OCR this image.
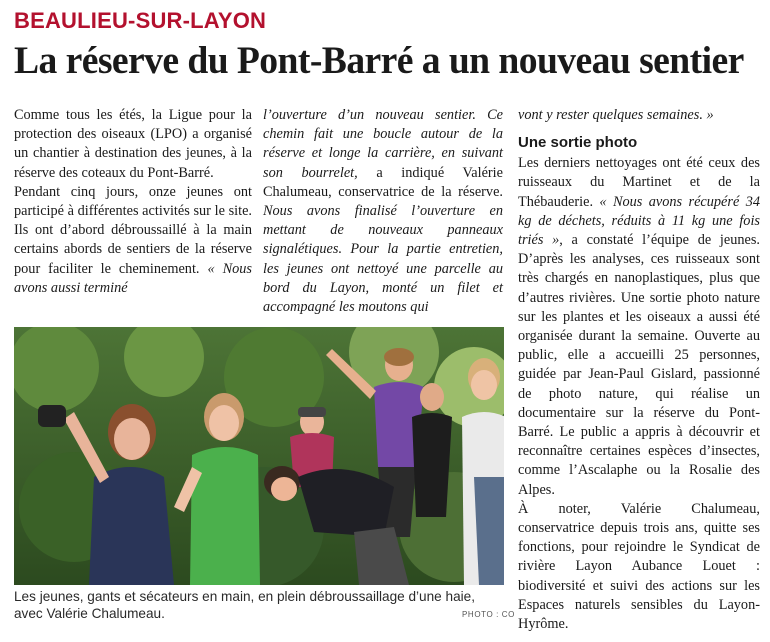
BEAULIEU-SUR-LAYON
La réserve du Pont-Barré a un nouveau sentier

Comme tous les étés, la Ligue pour la protection des oiseaux (LPO) a organisé un chantier à destination des jeunes, à la réserve des coteaux du Pont-Barré.

Pendant cinq jours, onze jeunes ont participé à différentes activités sur le site. Ils ont d’abord débroussaillé à la main certains abords de sentiers de la réserve pour faciliter le cheminement. « Nous avons aussi terminé

l’ouverture d’un nouveau sentier. Ce chemin fait une boucle autour de la réserve et longe la carrière, en suivant son bourrelet, a indiqué Valérie Chalumeau, conservatrice de la réserve. Nous avons finalisé l’ouverture en mettant de nouveaux panneaux signalétiques. Pour la partie entretien, les jeunes ont nettoyé une parcelle au bord du Layon, monté un filet et accompagné les moutons qui

vont y rester quelques semaines. »

Une sortie photo

Les derniers nettoyages ont été ceux des ruisseaux du Martinet et de la Thébauderie. « Nous avons récupéré 34 kg de déchets, réduits à 11 kg une fois triés », a constaté l’équipe de jeunes. D’après les analyses, ces ruisseaux sont très chargés en nanoplastiques, plus que d’autres rivières. Une sortie photo nature sur les plantes et les oiseaux a aussi été organisée durant la semaine. Ouverte au public, elle a accueilli 25 personnes, guidée par Jean-Paul Gislard, passionné de photo nature, qui réalise un documentaire sur la réserve du Pont-Barré. Le public a appris à découvrir et reconnaître certaines espèces d’insectes, comme l’Ascalaphe ou la Rosalie des Alpes.

À noter, Valérie Chalumeau, conservatrice depuis trois ans, quitte ses fonctions, pour rejoindre le Syndicat de rivière Layon Aubance Louet : biodiversité et suivi des actions sur les Espaces naturels sensibles du Layon-Hyrôme.

Les jeunes, gants et sécateurs en main, en plein débroussaillage d’une haie, avec Valérie Chalumeau.	PHOTO : CO
